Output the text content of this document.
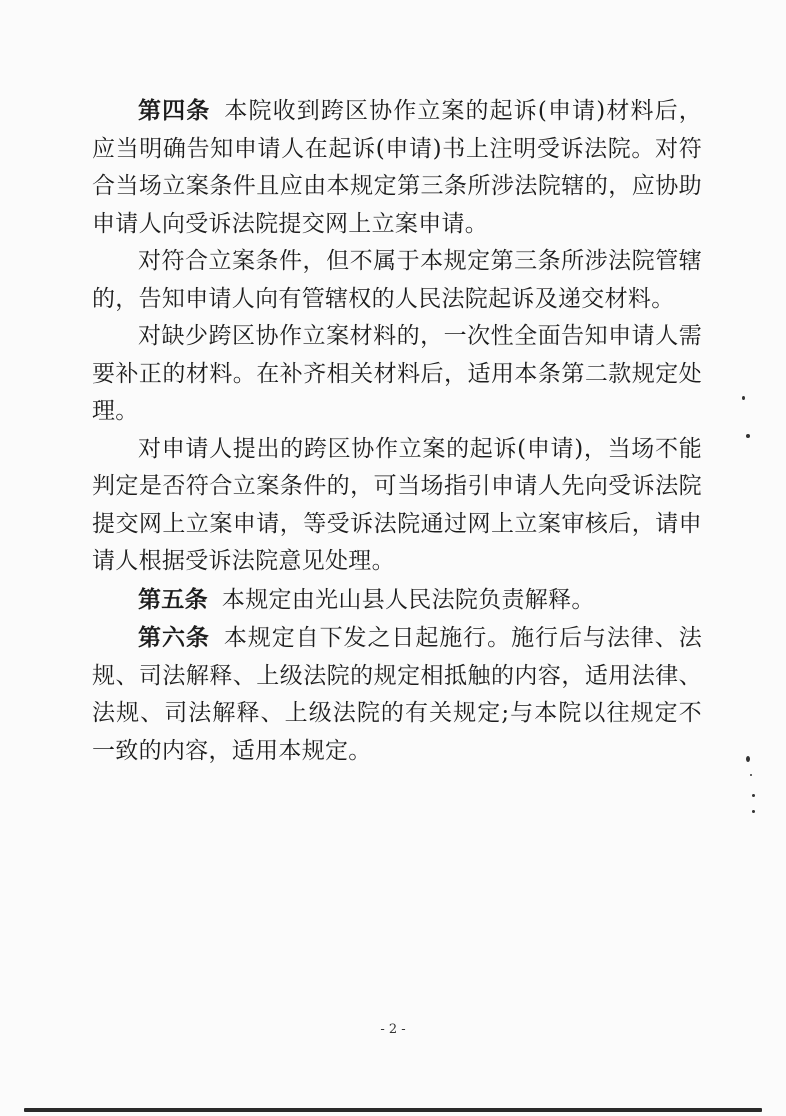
第四条 本院收到跨区协作立案的起诉(申请)材料后，应当明确告知申请人在起诉(申请)书上注明受诉法院。对符合当场立案条件且应由本规定第三条所涉法院辖的，应协助申请人向受诉法院提交网上立案申请。

对符合立案条件，但不属于本规定第三条所涉法院管辖的，告知申请人向有管辖权的人民法院起诉及递交材料。

对缺少跨区协作立案材料的，一次性全面告知申请人需要补正的材料。在补齐相关材料后，适用本条第二款规定处理。

对申请人提出的跨区协作立案的起诉(申请)，当场不能判定是否符合立案条件的，可当场指引申请人先向受诉法院提交网上立案申请，等受诉法院通过网上立案审核后，请申请人根据受诉法院意见处理。

第五条 本规定由光山县人民法院负责解释。

第六条 本规定自下发之日起施行。施行后与法律、法规、司法解释、上级法院的规定相抵触的内容，适用法律、法规、司法解释、上级法院的有关规定;与本院以往规定不一致的内容，适用本规定。

- 2 -
